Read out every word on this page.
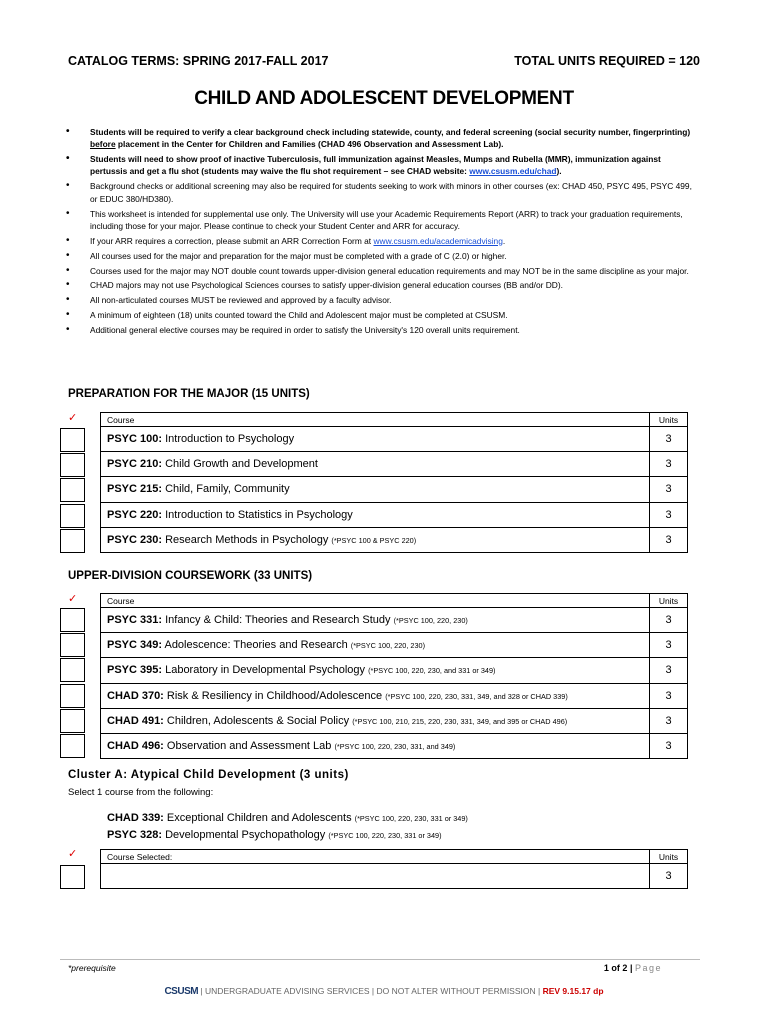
CATALOG TERMS: SPRING 2017-FALL 2017	TOTAL UNITS REQUIRED = 120
CHILD AND ADOLESCENT DEVELOPMENT
• Students will be required to verify a clear background check including statewide, county, and federal screening (social security number, fingerprinting) before placement in the Center for Children and Families (CHAD 496 Observation and Assessment Lab).
• Students will need to show proof of inactive Tuberculosis, full immunization against Measles, Mumps and Rubella (MMR), immunization against pertussis and get a flu shot (students may waive the flu shot requirement – see CHAD website: www.csusm.edu/chad).
• Background checks or additional screening may also be required for students seeking to work with minors in other courses (ex: CHAD 450, PSYC 495, PSYC 499, or EDUC 380/HD380).
• This worksheet is intended for supplemental use only. The University will use your Academic Requirements Report (ARR) to track your graduation requirements, including those for your major. Please continue to check your Student Center and ARR for accuracy.
• If your ARR requires a correction, please submit an ARR Correction Form at www.csusm.edu/academicadvising.
• All courses used for the major and preparation for the major must be completed with a grade of C (2.0) or higher.
• Courses used for the major may NOT double count towards upper-division general education requirements and may NOT be in the same discipline as your major.
• CHAD majors may not use Psychological Sciences courses to satisfy upper-division general education courses (BB and/or DD).
• All non-articulated courses MUST be reviewed and approved by a faculty advisor.
• A minimum of eighteen (18) units counted toward the Child and Adolescent major must be completed at CSUSM.
• Additional general elective courses may be required in order to satisfy the University's 120 overall units requirement.
PREPARATION FOR THE MAJOR (15 UNITS)
✓	Course	Units
PSYC 100: Introduction to Psychology	3
PSYC 210: Child Growth and Development	3
PSYC 215: Child, Family, Community	3
PSYC 220: Introduction to Statistics in Psychology	3
PSYC 230: Research Methods in Psychology (*PSYC 100 & PSYC 220)	3
UPPER-DIVISION COURSEWORK (33 UNITS)
✓	Course	Units
PSYC 331: Infancy & Child: Theories and Research Study (*PSYC 100, 220, 230)	3
PSYC 349: Adolescence: Theories and Research (*PSYC 100, 220, 230)	3
PSYC 395: Laboratory in Developmental Psychology (*PSYC 100, 220, 230, and 331 or 349)	3
CHAD 370: Risk & Resiliency in Childhood/Adolescence (*PSYC 100, 220, 230, 331, 349, and 328 or CHAD 339)	3
CHAD 491: Children, Adolescents & Social Policy (*PSYC 100, 210, 215, 220, 230, 331, 349, and 395 or CHAD 496)	3
CHAD 496: Observation and Assessment Lab (*PSYC 100, 220, 230, 331, and 349)	3
Cluster A: Atypical Child Development (3 units)
Select 1 course from the following:
CHAD 339: Exceptional Children and Adolescents (*PSYC 100, 220, 230, 331 or 349)
PSYC 328: Developmental Psychopathology (*PSYC 100, 220, 230, 331 or 349)
✓	Course Selected:	Units
	3
*prerequisite	1 of 2 | Page
CSUSM | UNDERGRADUATE ADVISING SERVICES | DO NOT ALTER WITHOUT PERMISSION | REV 9.15.17 dp
